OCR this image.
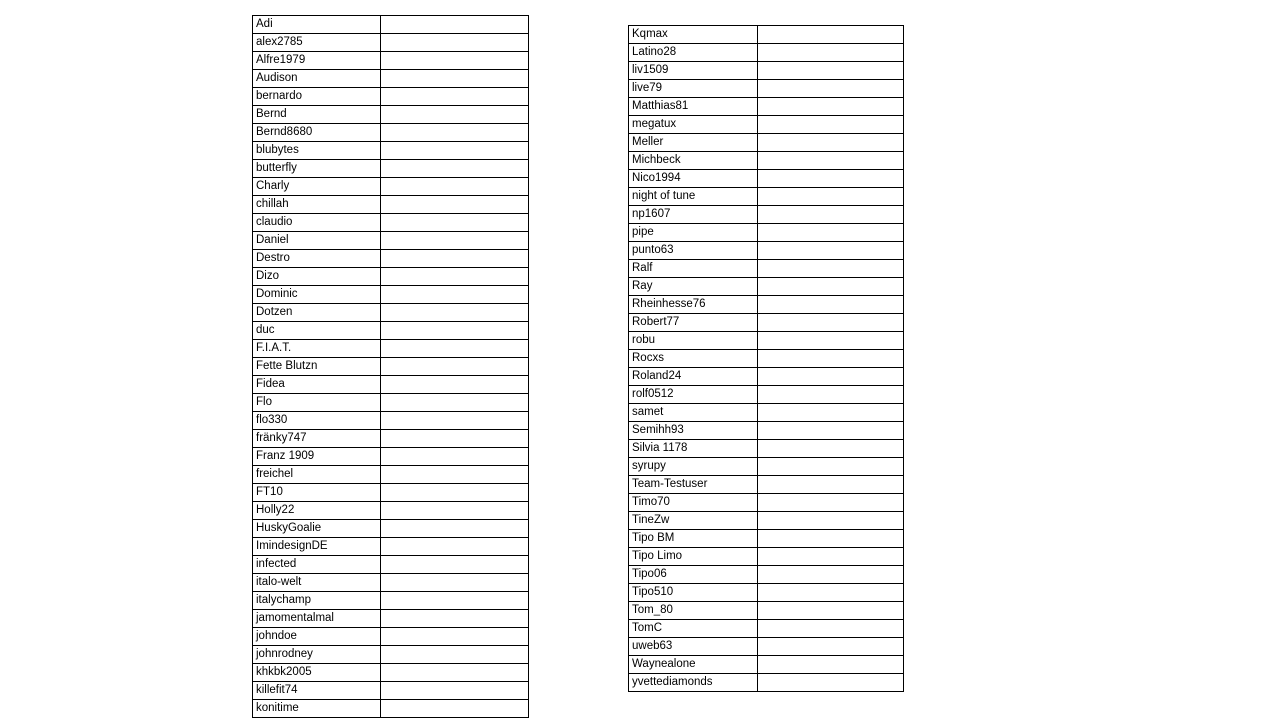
Adi	
alex2785	
Alfre1979	
Audison	
bernardo	
Bernd	
Bernd8680	
blubytes	
butterfly	
Charly	
chillah	
claudio	
Daniel	
Destro	
Dizo	
Dominic	
Dotzen	
duc	
F.I.A.T.	
Fette Blutzn	
Fidea	
Flo	
flo330	
fränky747	
Franz 1909	
freichel	
FT10	
Holly22	
HuskyGoalie	
ImindesignDE	
infected	
italo-welt	
italychamp	
jamomentalmal	
johndoe	
johnrodney	
khkbk2005	
killefit74	
konitime	
Kqmax	
Latino28	
liv1509	
live79	
Matthias81	
megatux	
Meller	
Michbeck	
Nico1994	
night of tune	
np1607	
pipe	
punto63	
Ralf	
Ray	
Rheinhesse76	
Robert77	
robu	
Rocxs	
Roland24	
rolf0512	
samet	
Semihh93	
Silvia 1178	
syrupy	
Team-Testuser	
Timo70	
TineZw	
Tipo BM	
Tipo Limo	
Tipo06	
Tipo510	
Tom_80	
TomC	
uweb63	
Waynealone	
yvettediamonds	
